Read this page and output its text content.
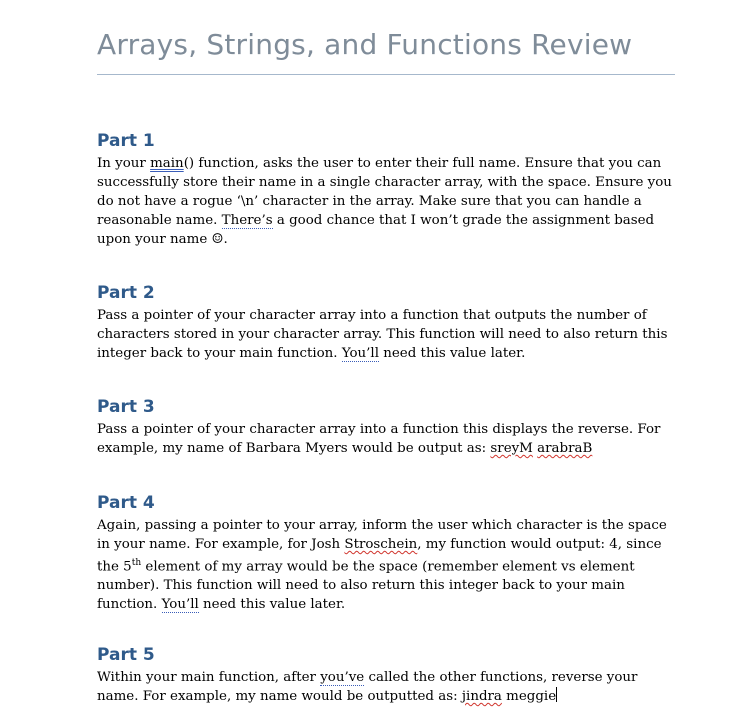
Arrays, Strings, and Functions Review
Part 1

In your main() function, asks the user to enter their full name. Ensure that you can successfully store their name in a single character array, with the space. Ensure you do not have a rogue ‘\n’ character in the array. Make sure that you can handle a reasonable name. There’s a good chance that I won’t grade the assignment based upon your name ☺.

Part 2

Pass a pointer of your character array into a function that outputs the number of characters stored in your character array. This function will need to also return this integer back to your main function. You’ll need this value later.

Part 3

Pass a pointer of your character array into a function this displays the reverse. For example, my name of Barbara Myers would be output as: sreyM arabraB

Part 4

Again, passing a pointer to your array, inform the user which character is the space in your name. For example, for Josh Stroschein, my function would output: 4, since the 5th element of my array would be the space (remember element vs element number). This function will need to also return this integer back to your main function. You’ll need this value later.

Part 5

Within your main function, after you’ve called the other functions, reverse your name. For example, my name would be outputted as: jindra meggie
